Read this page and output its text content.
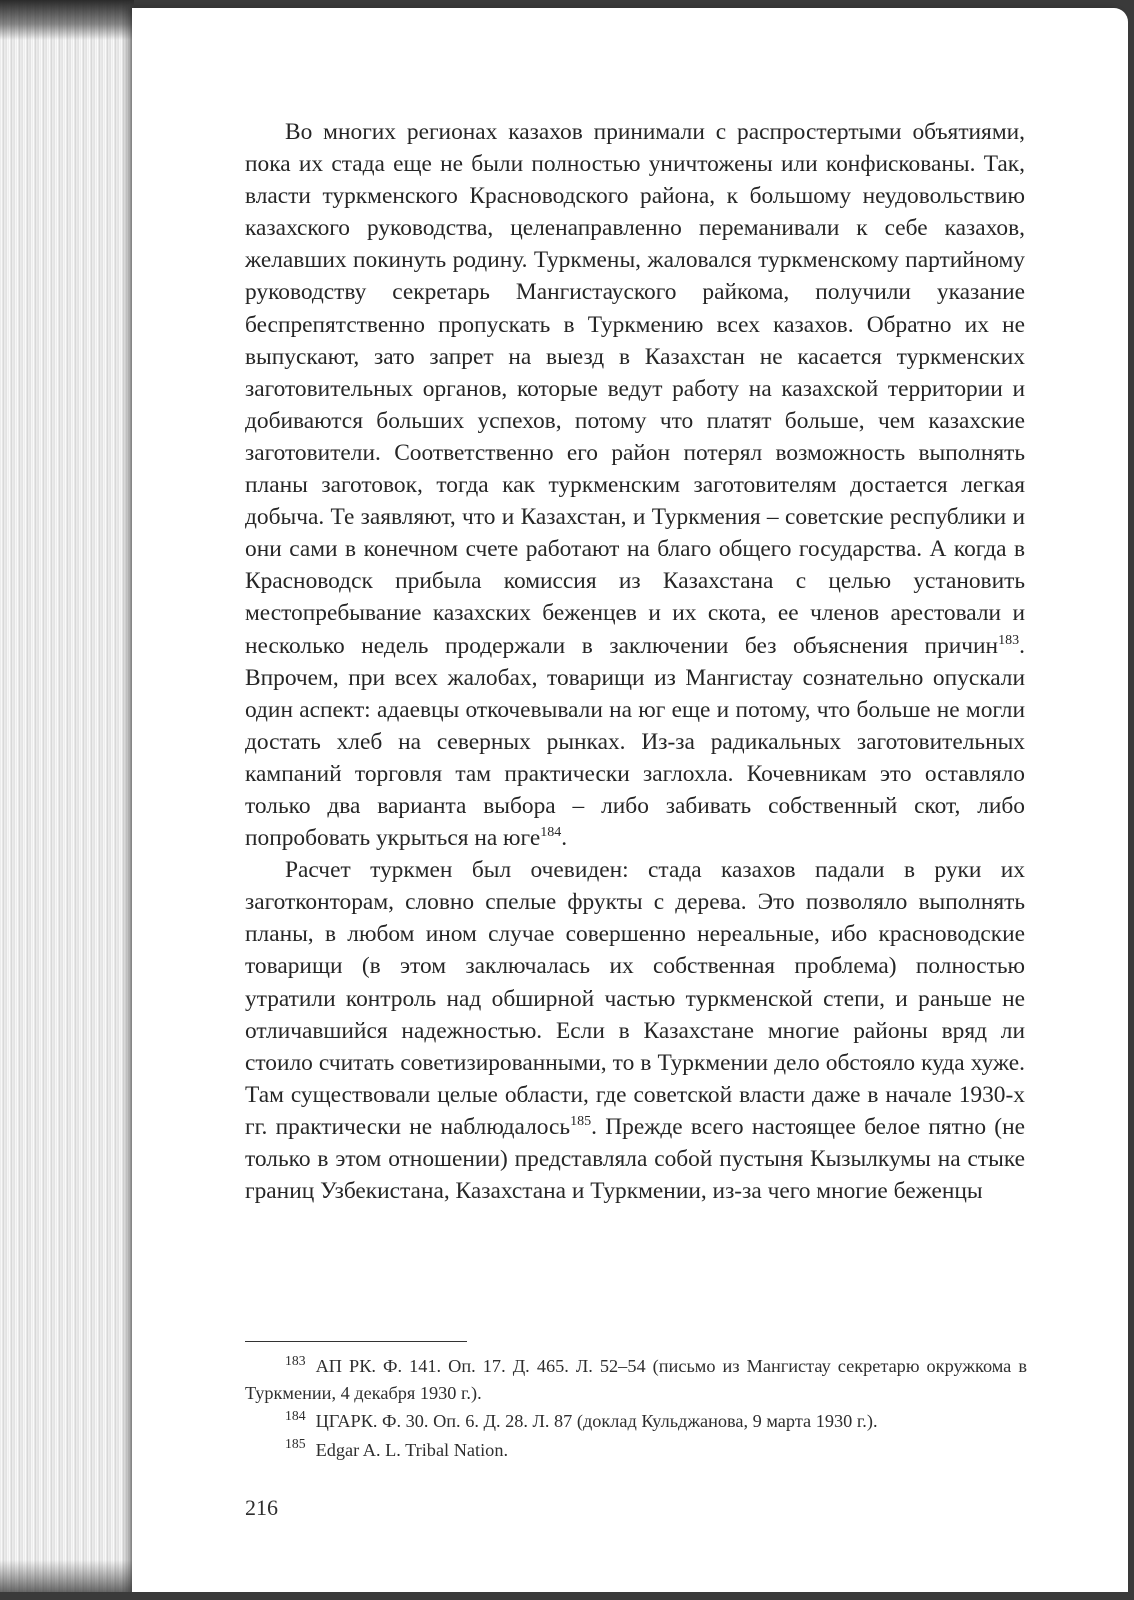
Во многих регионах казахов принимали с распростертыми объятиями, пока их стада еще не были полностью уничтожены или конфискованы. Так, власти туркменского Красноводского района, к большому неудовольствию казахского руководства, целенаправленно переманивали к себе казахов, желавших покинуть родину. Туркмены, жаловался туркменскому партийному руководству секретарь Мангистауского райкома, получили указание беспрепятственно пропускать в Туркмению всех казахов. Обратно их не выпускают, зато запрет на выезд в Казахстан не касается туркменских заготовительных органов, которые ведут работу на казахской территории и добиваются больших успехов, потому что платят больше, чем казахские заготовители. Соответственно его район потерял возможность выполнять планы заготовок, тогда как туркменским заготовителям достается легкая добыча. Те заявляют, что и Казахстан, и Туркмения – советские республики и они сами в конечном счете работают на благо общего государства. А когда в Красноводск прибыла комиссия из Казахстана с целью установить местопребывание казахских беженцев и их скота, ее членов арестовали и несколько недель продержали в заключении без объяснения причин$^{183}$. Впрочем, при всех жалобах, товарищи из Мангистау сознательно опускали один аспект: адаевцы откочевывали на юг еще и потому, что больше не могли достать хлеб на северных рынках. Из-за радикальных заготовительных кампаний торговля там практически заглохла. Кочевникам это оставляло только два варианта выбора – либо забивать собственный скот, либо попробовать укрыться на юге$^{184}$.

Расчет туркмен был очевиден: стада казахов падали в руки их заготконторам, словно спелые фрукты с дерева. Это позволяло выполнять планы, в любом ином случае совершенно нереальные, ибо красноводские товарищи (в этом заключалась их собственная проблема) полностью утратили контроль над обширной частью туркменской степи, и раньше не отличавшийся надежностью. Если в Казахстане многие районы вряд ли стоило считать советизированными, то в Туркмении дело обстояло куда хуже. Там существовали целые области, где советской власти даже в начале 1930-х гг. практически не наблюдалось$^{185}$. Прежде всего настоящее белое пятно (не только в этом отношении) представляла собой пустыня Кызылкумы на стыке границ Узбекистана, Казахстана и Туркмении, из-за чего многие беженцы

$^{183}$ АП РК. Ф. 141. Оп. 17. Д. 465. Л. 52–54 (письмо из Мангистау секретарю окружкома в Туркмении, 4 декабря 1930 г.).

$^{184}$ ЦГАРК. Ф. 30. Оп. 6. Д. 28. Л. 87 (доклад Кульджанова, 9 марта 1930 г.).

$^{185}$ Edgar A. L. Tribal Nation.

216
